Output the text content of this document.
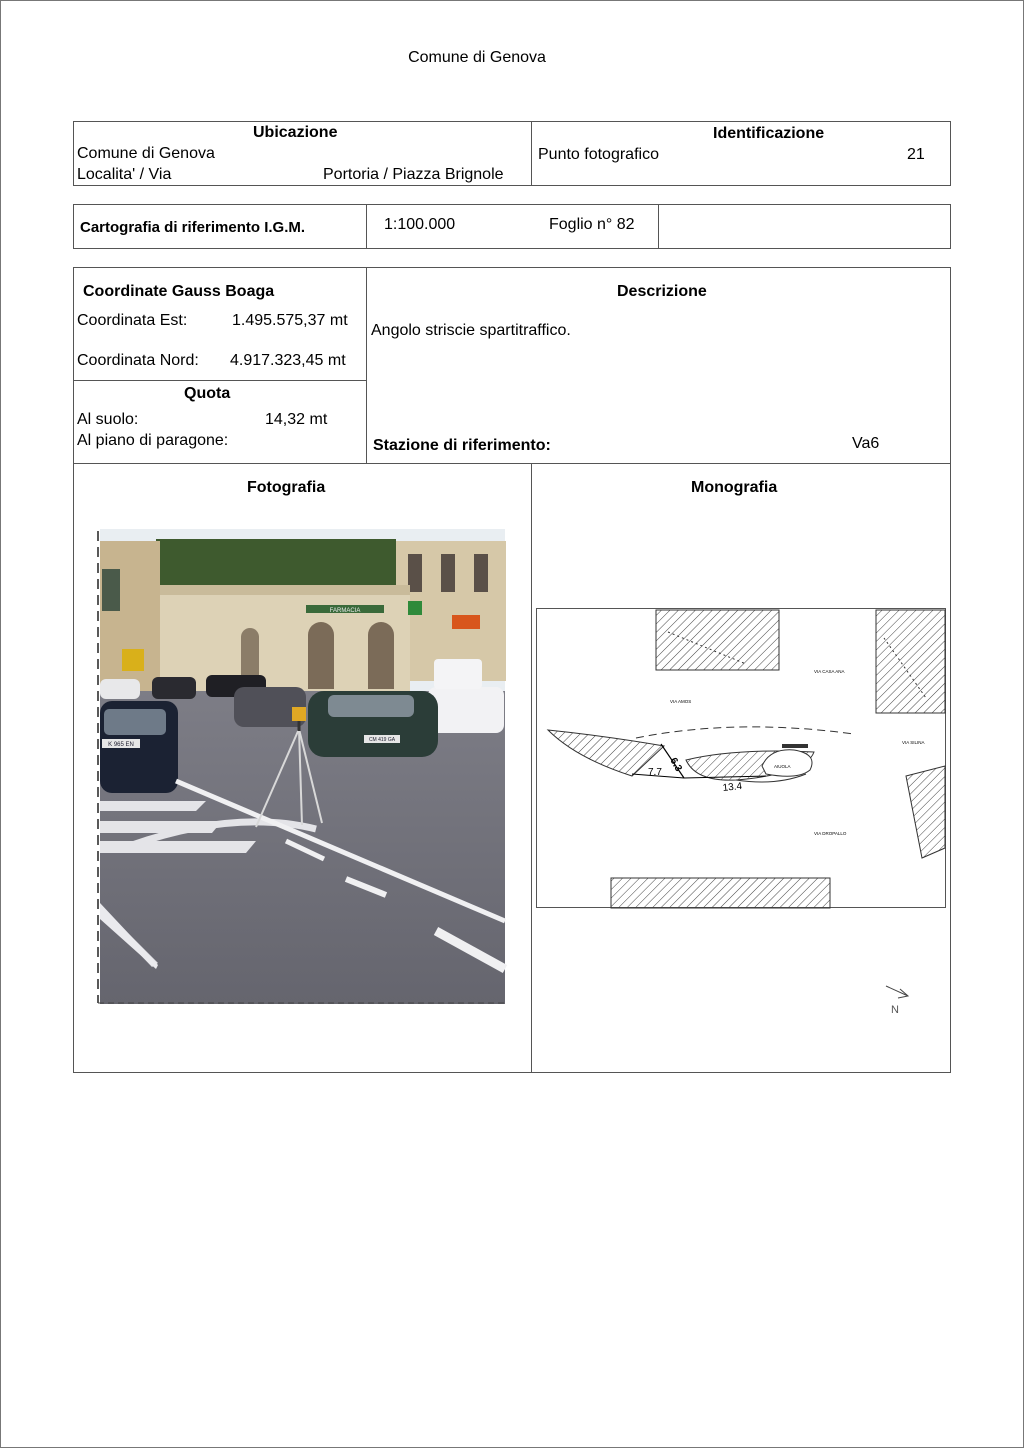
Comune di Genova
Ubicazione
Comune di Genova
Localita' / Via	Portoria / Piazza Brignole
Identificazione
Punto fotografico	21
Cartografia di riferimento I.G.M.	1:100.000	Foglio n° 82
Coordinate Gauss Boaga
Coordinata Est:	1.495.575,37 mt
Coordinata Nord: 4.917.323,45 mt
Quota
Al suolo:	14,32 mt
Al piano di paragone:
Descrizione
Angolo striscie spartitraffico.
Stazione di riferimento:	Va6
Fotografia	Monografia
FARMACIA
K 965 EN
CM 419 GA
6.3
7.7
13.4
VIA CASA ANA
VIA AMOS
VIA SILINA
VIA DROPALLO
AIUOLA
N
